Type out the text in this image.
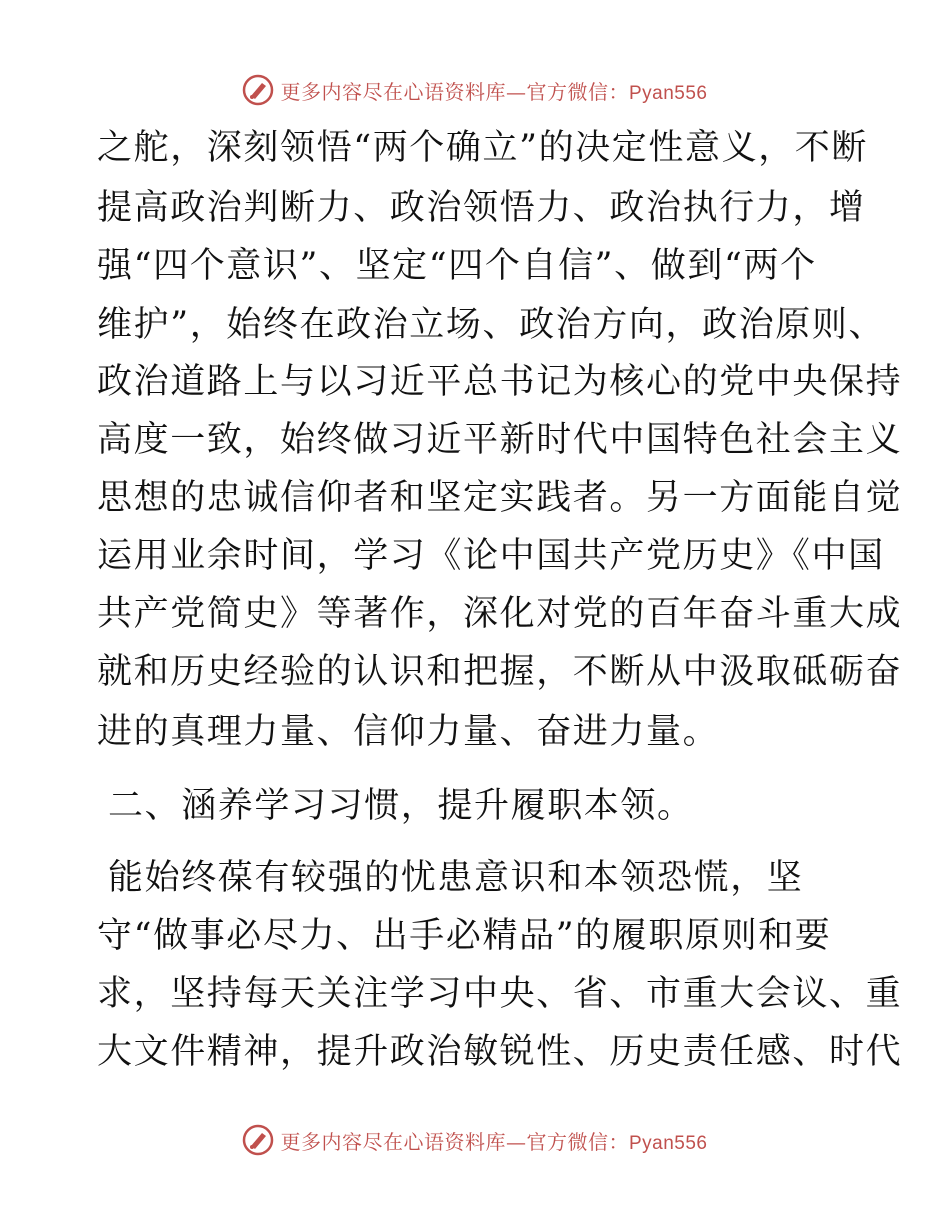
更多内容尽在心语资料库—官方微信：Pyan556
之舵，深刻领悟“两个确立”的决定性意义，不断
提高政治判断力、政治领悟力、政治执行力，增
强“四个意识”、坚定“四个自信”、做到“两个
维护”，始终在政治立场、政治方向，政治原则、
政治道路上与以习近平总书记为核心的党中央保持
高度一致，始终做习近平新时代中国特色社会主义
思想的忠诚信仰者和坚定实践者。另一方面能自觉
运用业余时间，学习《论中国共产党历史》《中国
共产党简史》等著作，深化对党的百年奋斗重大成
就和历史经验的认识和把握，不断从中汲取砥砺奋
进的真理力量、信仰力量、奋进力量。
二、涵养学习习惯，提升履职本领。
能始终葆有较强的忧患意识和本领恐慌，坚
守“做事必尽力、出手必精品”的履职原则和要
求，坚持每天关注学习中央、省、市重大会议、重
大文件精神，提升政治敏锐性、历史责任感、时代
更多内容尽在心语资料库—官方微信：Pyan556
